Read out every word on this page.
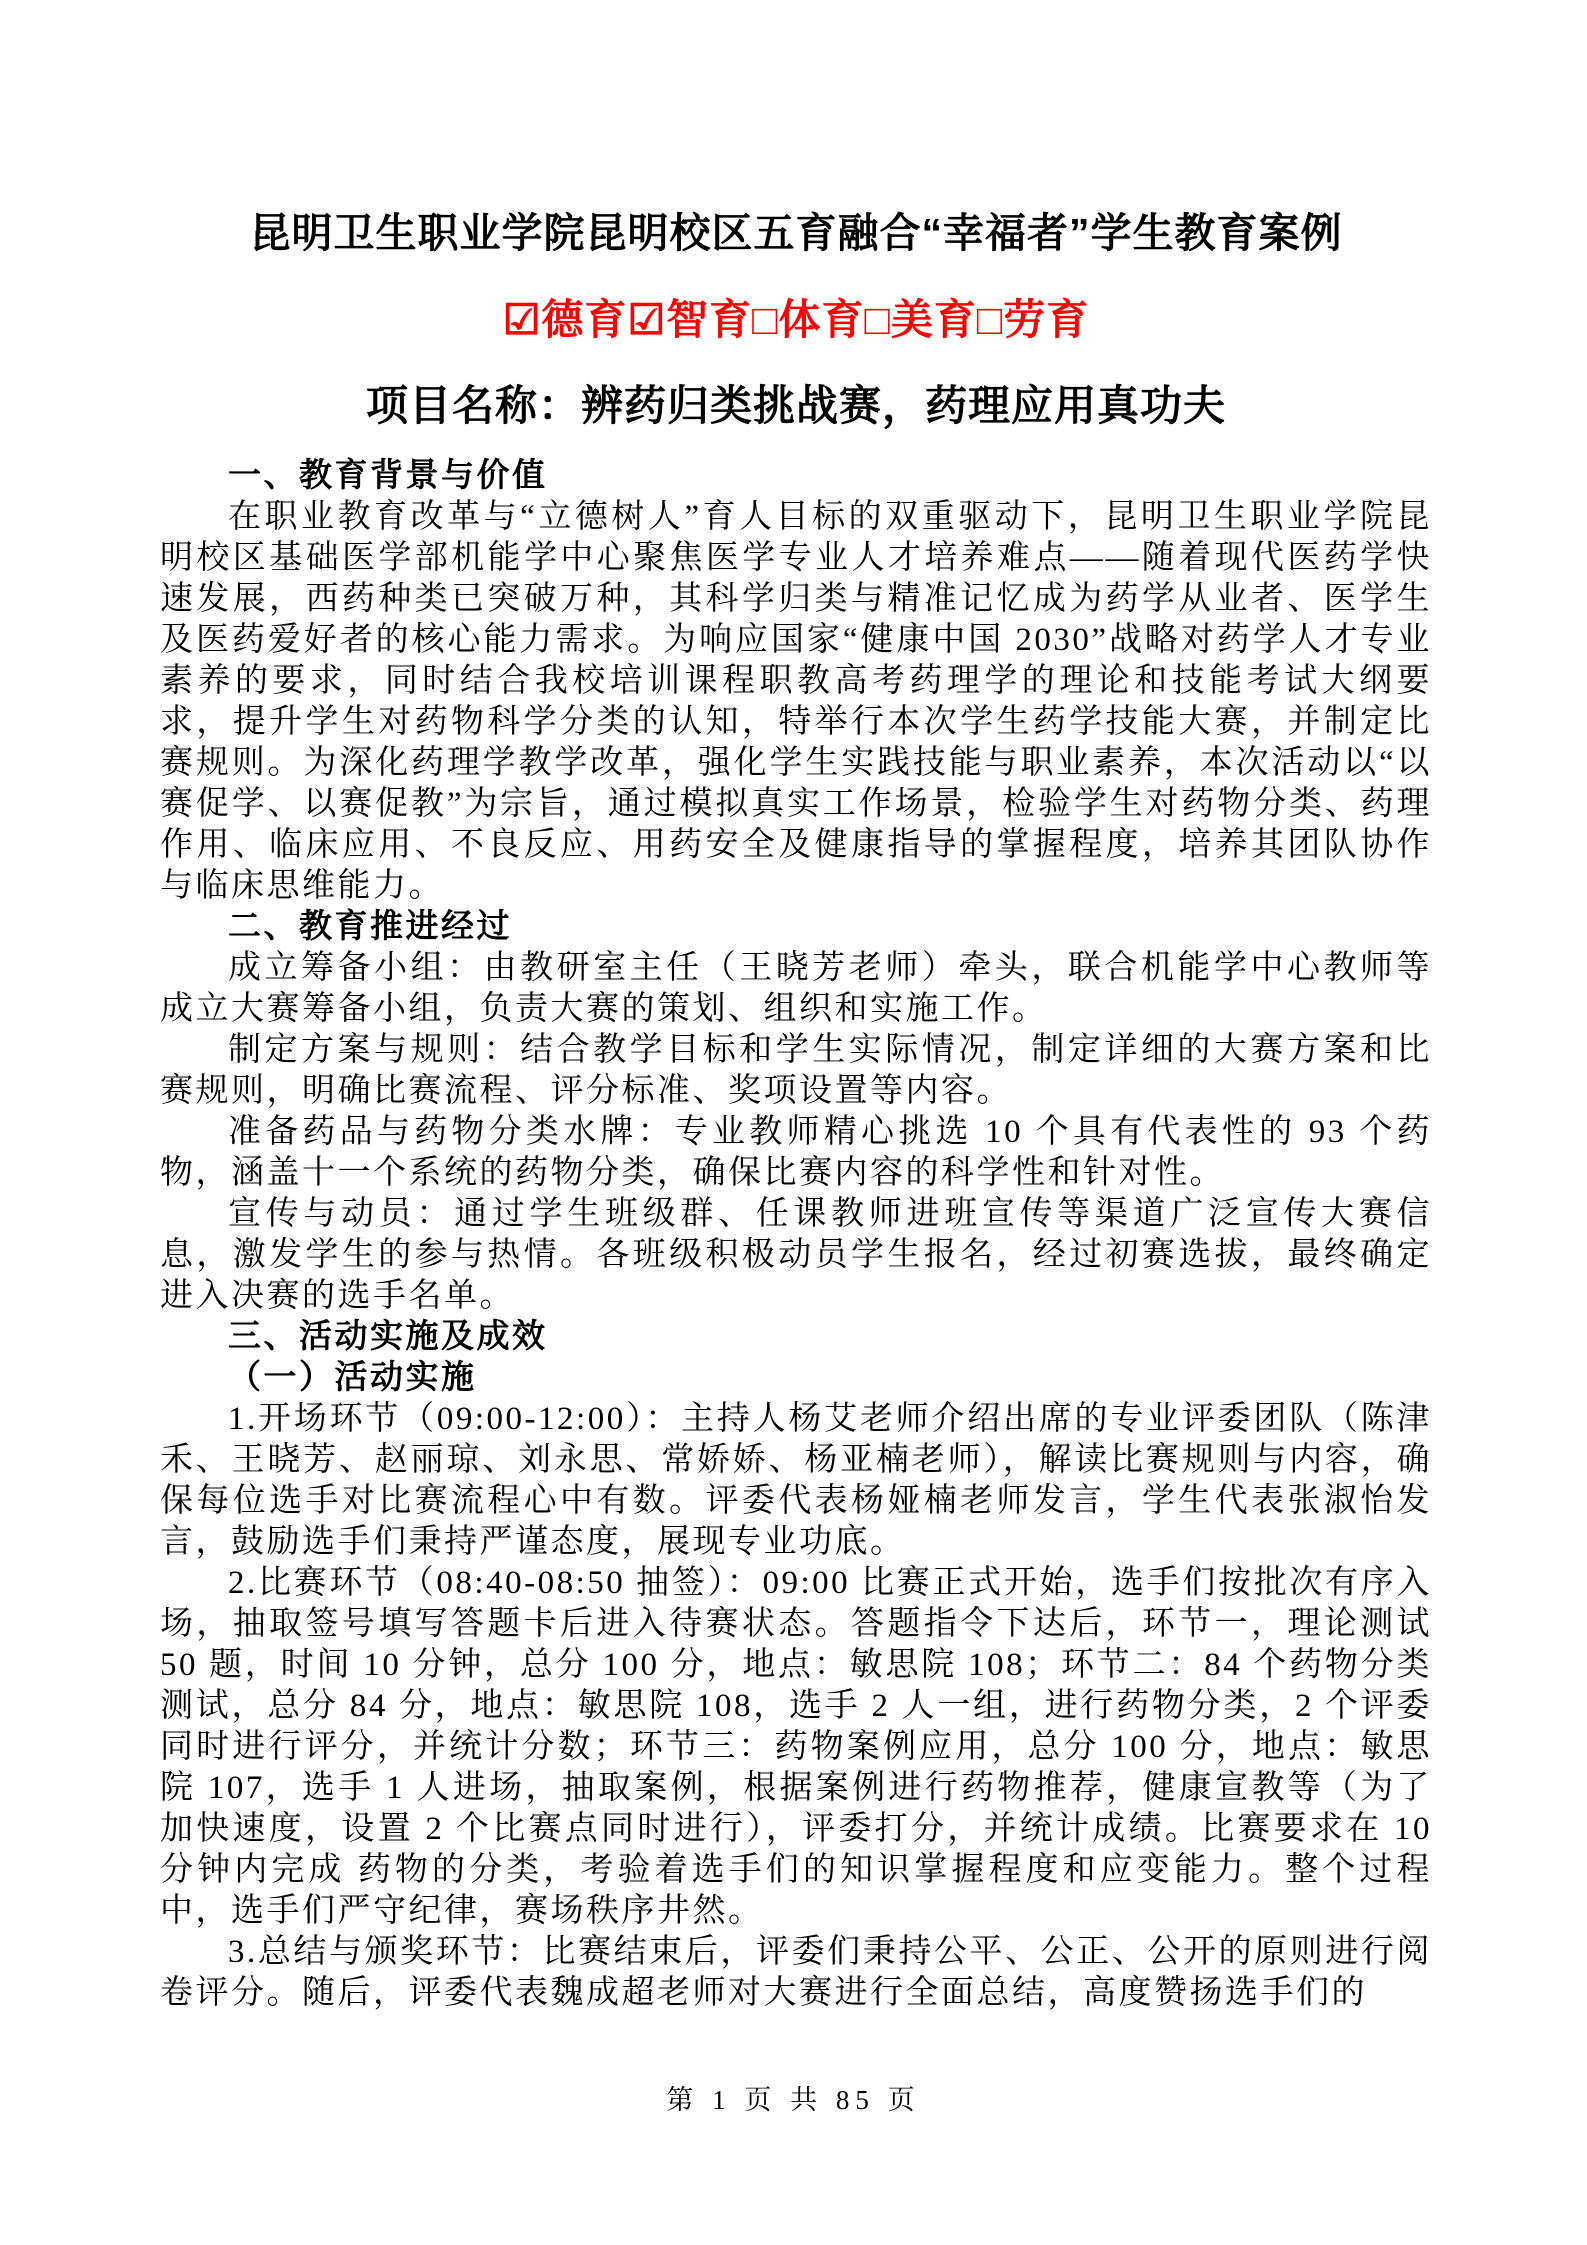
昆明卫生职业学院昆明校区五育融合“幸福者”学生教育案例
☑德育☑智育□体育□美育□劳育
项目名称：辨药归类挑战赛，药理应用真功夫

一、教育背景与价值

在职业教育改革与“立德树人”育人目标的双重驱动下，昆明卫生职业学院昆明校区基础医学部机能学中心聚焦医学专业人才培养难点——随着现代医药学快速发展，西药种类已突破万种，其科学归类与精准记忆成为药学从业者、医学生及医药爱好者的核心能力需求。为响应国家“健康中国 2030”战略对药学人才专业素养的要求，同时结合我校培训课程职教高考药理学的理论和技能考试大纲要求，提升学生对药物科学分类的认知，特举行本次学生药学技能大赛，并制定比赛规则。为深化药理学教学改革，强化学生实践技能与职业素养，本次活动以“以赛促学、以赛促教”为宗旨，通过模拟真实工作场景，检验学生对药物分类、药理作用、临床应用、不良反应、用药安全及健康指导的掌握程度，培养其团队协作与临床思维能力。

二、教育推进经过

成立筹备小组：由教研室主任（王晓芳老师）牵头，联合机能学中心教师等成立大赛筹备小组，负责大赛的策划、组织和实施工作。

制定方案与规则：结合教学目标和学生实际情况，制定详细的大赛方案和比赛规则，明确比赛流程、评分标准、奖项设置等内容。

准备药品与药物分类水牌：专业教师精心挑选 10 个具有代表性的 93 个药物，涵盖十一个系统的药物分类，确保比赛内容的科学性和针对性。

宣传与动员：通过学生班级群、任课教师进班宣传等渠道广泛宣传大赛信息，激发学生的参与热情。各班级积极动员学生报名，经过初赛选拔，最终确定进入决赛的选手名单。

三、活动实施及成效

（一）活动实施

1.开场环节（09:00-12:00）：主持人杨艾老师介绍出席的专业评委团队（陈津禾、王晓芳、赵丽琼、刘永思、常娇娇、杨亚楠老师），解读比赛规则与内容，确保每位选手对比赛流程心中有数。评委代表杨娅楠老师发言，学生代表张淑怡发言，鼓励选手们秉持严谨态度，展现专业功底。

2.比赛环节（08:40-08:50 抽签）：09:00 比赛正式开始，选手们按批次有序入场，抽取签号填写答题卡后进入待赛状态。答题指令下达后，环节一，理论测试 50 题，时间 10 分钟，总分 100 分，地点：敏思院 108；环节二：84 个药物分类测试，总分 84 分，地点：敏思院 108，选手 2 人一组，进行药物分类，2 个评委同时进行评分，并统计分数；环节三：药物案例应用，总分 100 分，地点：敏思院 107，选手 1 人进场，抽取案例，根据案例进行药物推荐，健康宣教等（为了加快速度，设置 2 个比赛点同时进行），评委打分，并统计成绩。比赛要求在 10 分钟内完成 药物的分类，考验着选手们的知识掌握程度和应变能力。整个过程中，选手们严守纪律，赛场秩序井然。

3.总结与颁奖环节：比赛结束后，评委们秉持公平、公正、公开的原则进行阅卷评分。随后，评委代表魏成超老师对大赛进行全面总结，高度赞扬选手们的

第 1 页 共 85 页
